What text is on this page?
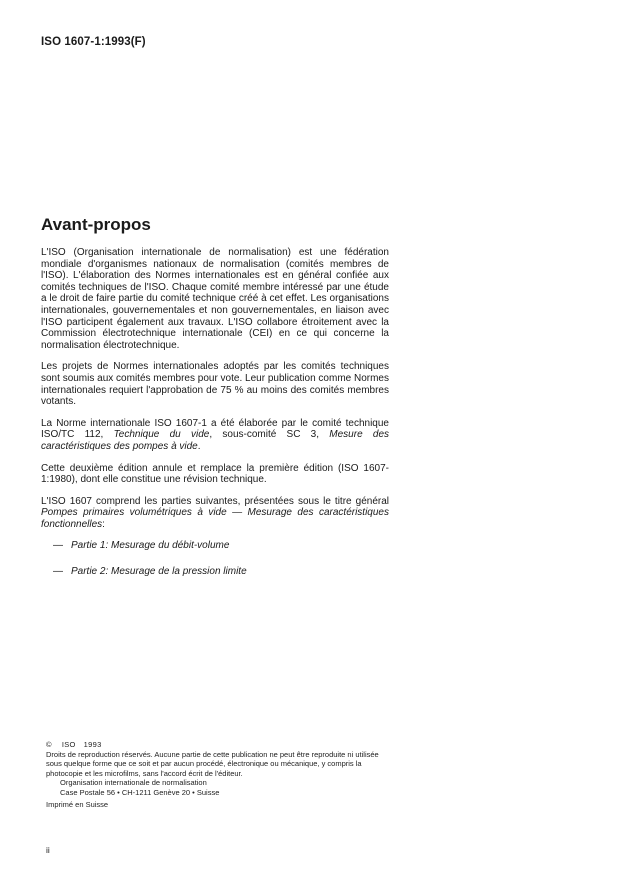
ISO 1607-1:1993(F)
Avant-propos

L'ISO (Organisation internationale de normalisation) est une fédération mondiale d'organismes nationaux de normalisation (comités membres de l'ISO). L'élaboration des Normes internationales est en général confiée aux comités techniques de l'ISO. Chaque comité membre intéressé par une étude a le droit de faire partie du comité technique créé à cet effet. Les organisations internationales, gouvernementales et non gouvernementales, en liaison avec l'ISO participent également aux travaux. L'ISO collabore étroitement avec la Commission électrotechnique internationale (CEI) en ce qui concerne la normalisation électrotechnique.

Les projets de Normes internationales adoptés par les comités techniques sont soumis aux comités membres pour vote. Leur publication comme Normes internationales requiert l'approbation de 75 % au moins des comités membres votants.

La Norme internationale ISO 1607-1 a été élaborée par le comité technique ISO/TC 112, Technique du vide, sous-comité SC 3, Mesure des caractéristiques des pompes à vide.

Cette deuxième édition annule et remplace la première édition (ISO 1607-1:1980), dont elle constitue une révision technique.

L'ISO 1607 comprend les parties suivantes, présentées sous le titre général Pompes primaires volumétriques à vide — Mesurage des caractéristiques fonctionnelles:

— Partie 1: Mesurage du débit-volume
— Partie 2: Mesurage de la pression limite
© ISO 1993
Droits de reproduction réservés. Aucune partie de cette publication ne peut être reproduite ni utilisée sous quelque forme que ce soit et par aucun procédé, électronique ou mécanique, y compris la photocopie et les microfilms, sans l'accord écrit de l'éditeur.
Organisation internationale de normalisation
Case Postale 56 • CH-1211 Genève 20 • Suisse
Imprimé en Suisse
ii
